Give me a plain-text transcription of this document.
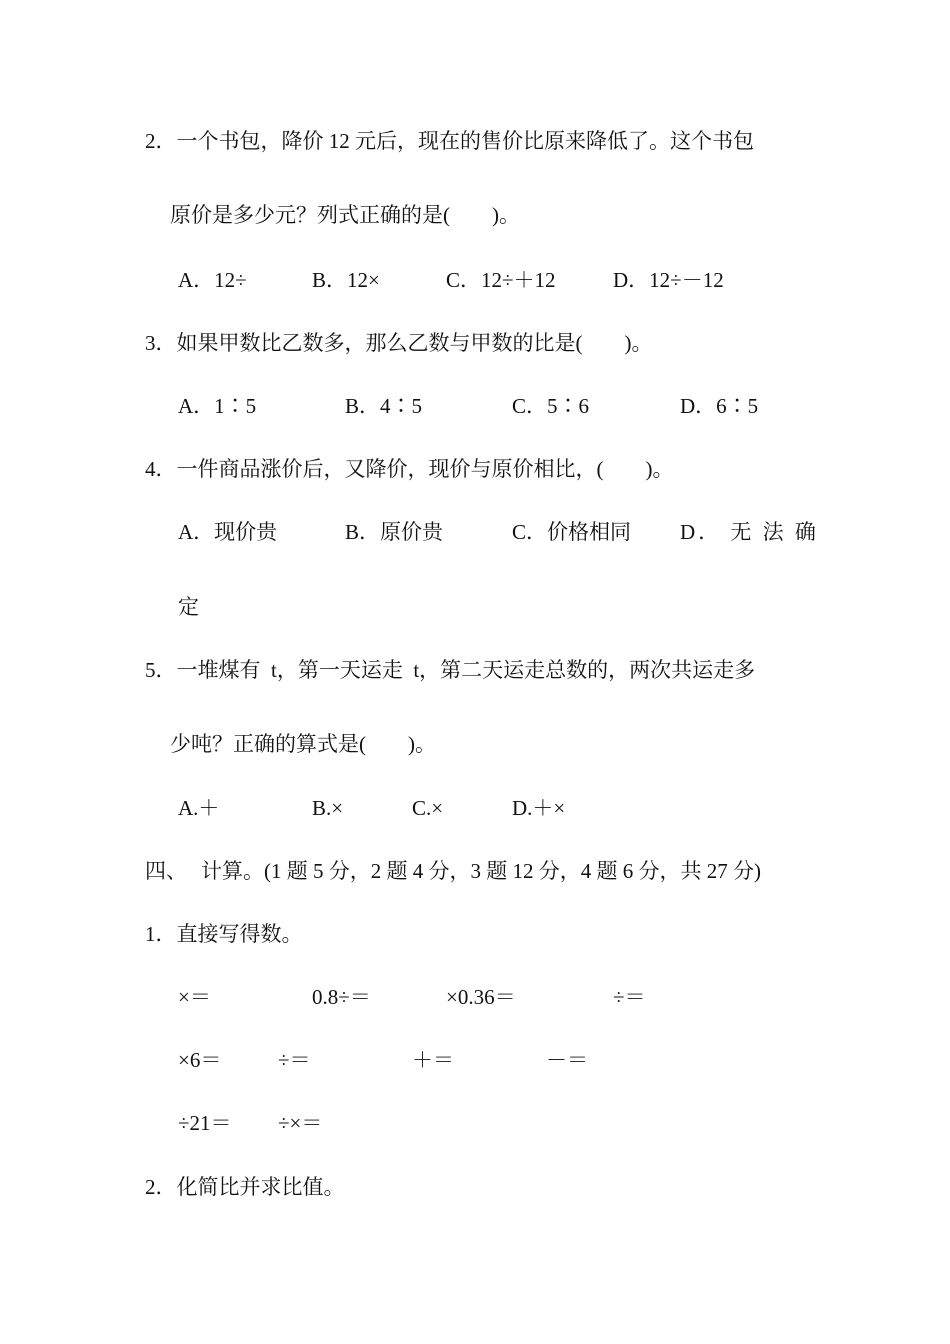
2．一个书包，降价 12 元后，现在的售价比原来降低了。这个书包
原价是多少元？列式正确的是(　　)。
A．12÷	B．12×	C．12÷＋12	D．12÷－12
3．如果甲数比乙数多，那么乙数与甲数的比是(　　)。
A．1∶5	B．4∶5	C．5∶6	D．6∶5
4．一件商品涨价后，又降价，现价与原价相比，(　　)。
A．现价贵	B．原价贵	C．价格相同 D． 无 法 确
定
5．一堆煤有  t，第一天运走  t，第二天运走总数的，两次共运走多
少吨？正确的算式是(　　)。
A.＋	B.×	C.×	D.＋×
四、 计算。(1 题 5 分，2 题 4 分，3 题 12 分，4 题 6 分，共 27 分)
1．直接写得数。
×＝	0.8÷＝	×0.36＝	÷＝
×6＝	÷＝	＋＝	－＝
÷21＝ ÷×＝
2．化简比并求比值。
